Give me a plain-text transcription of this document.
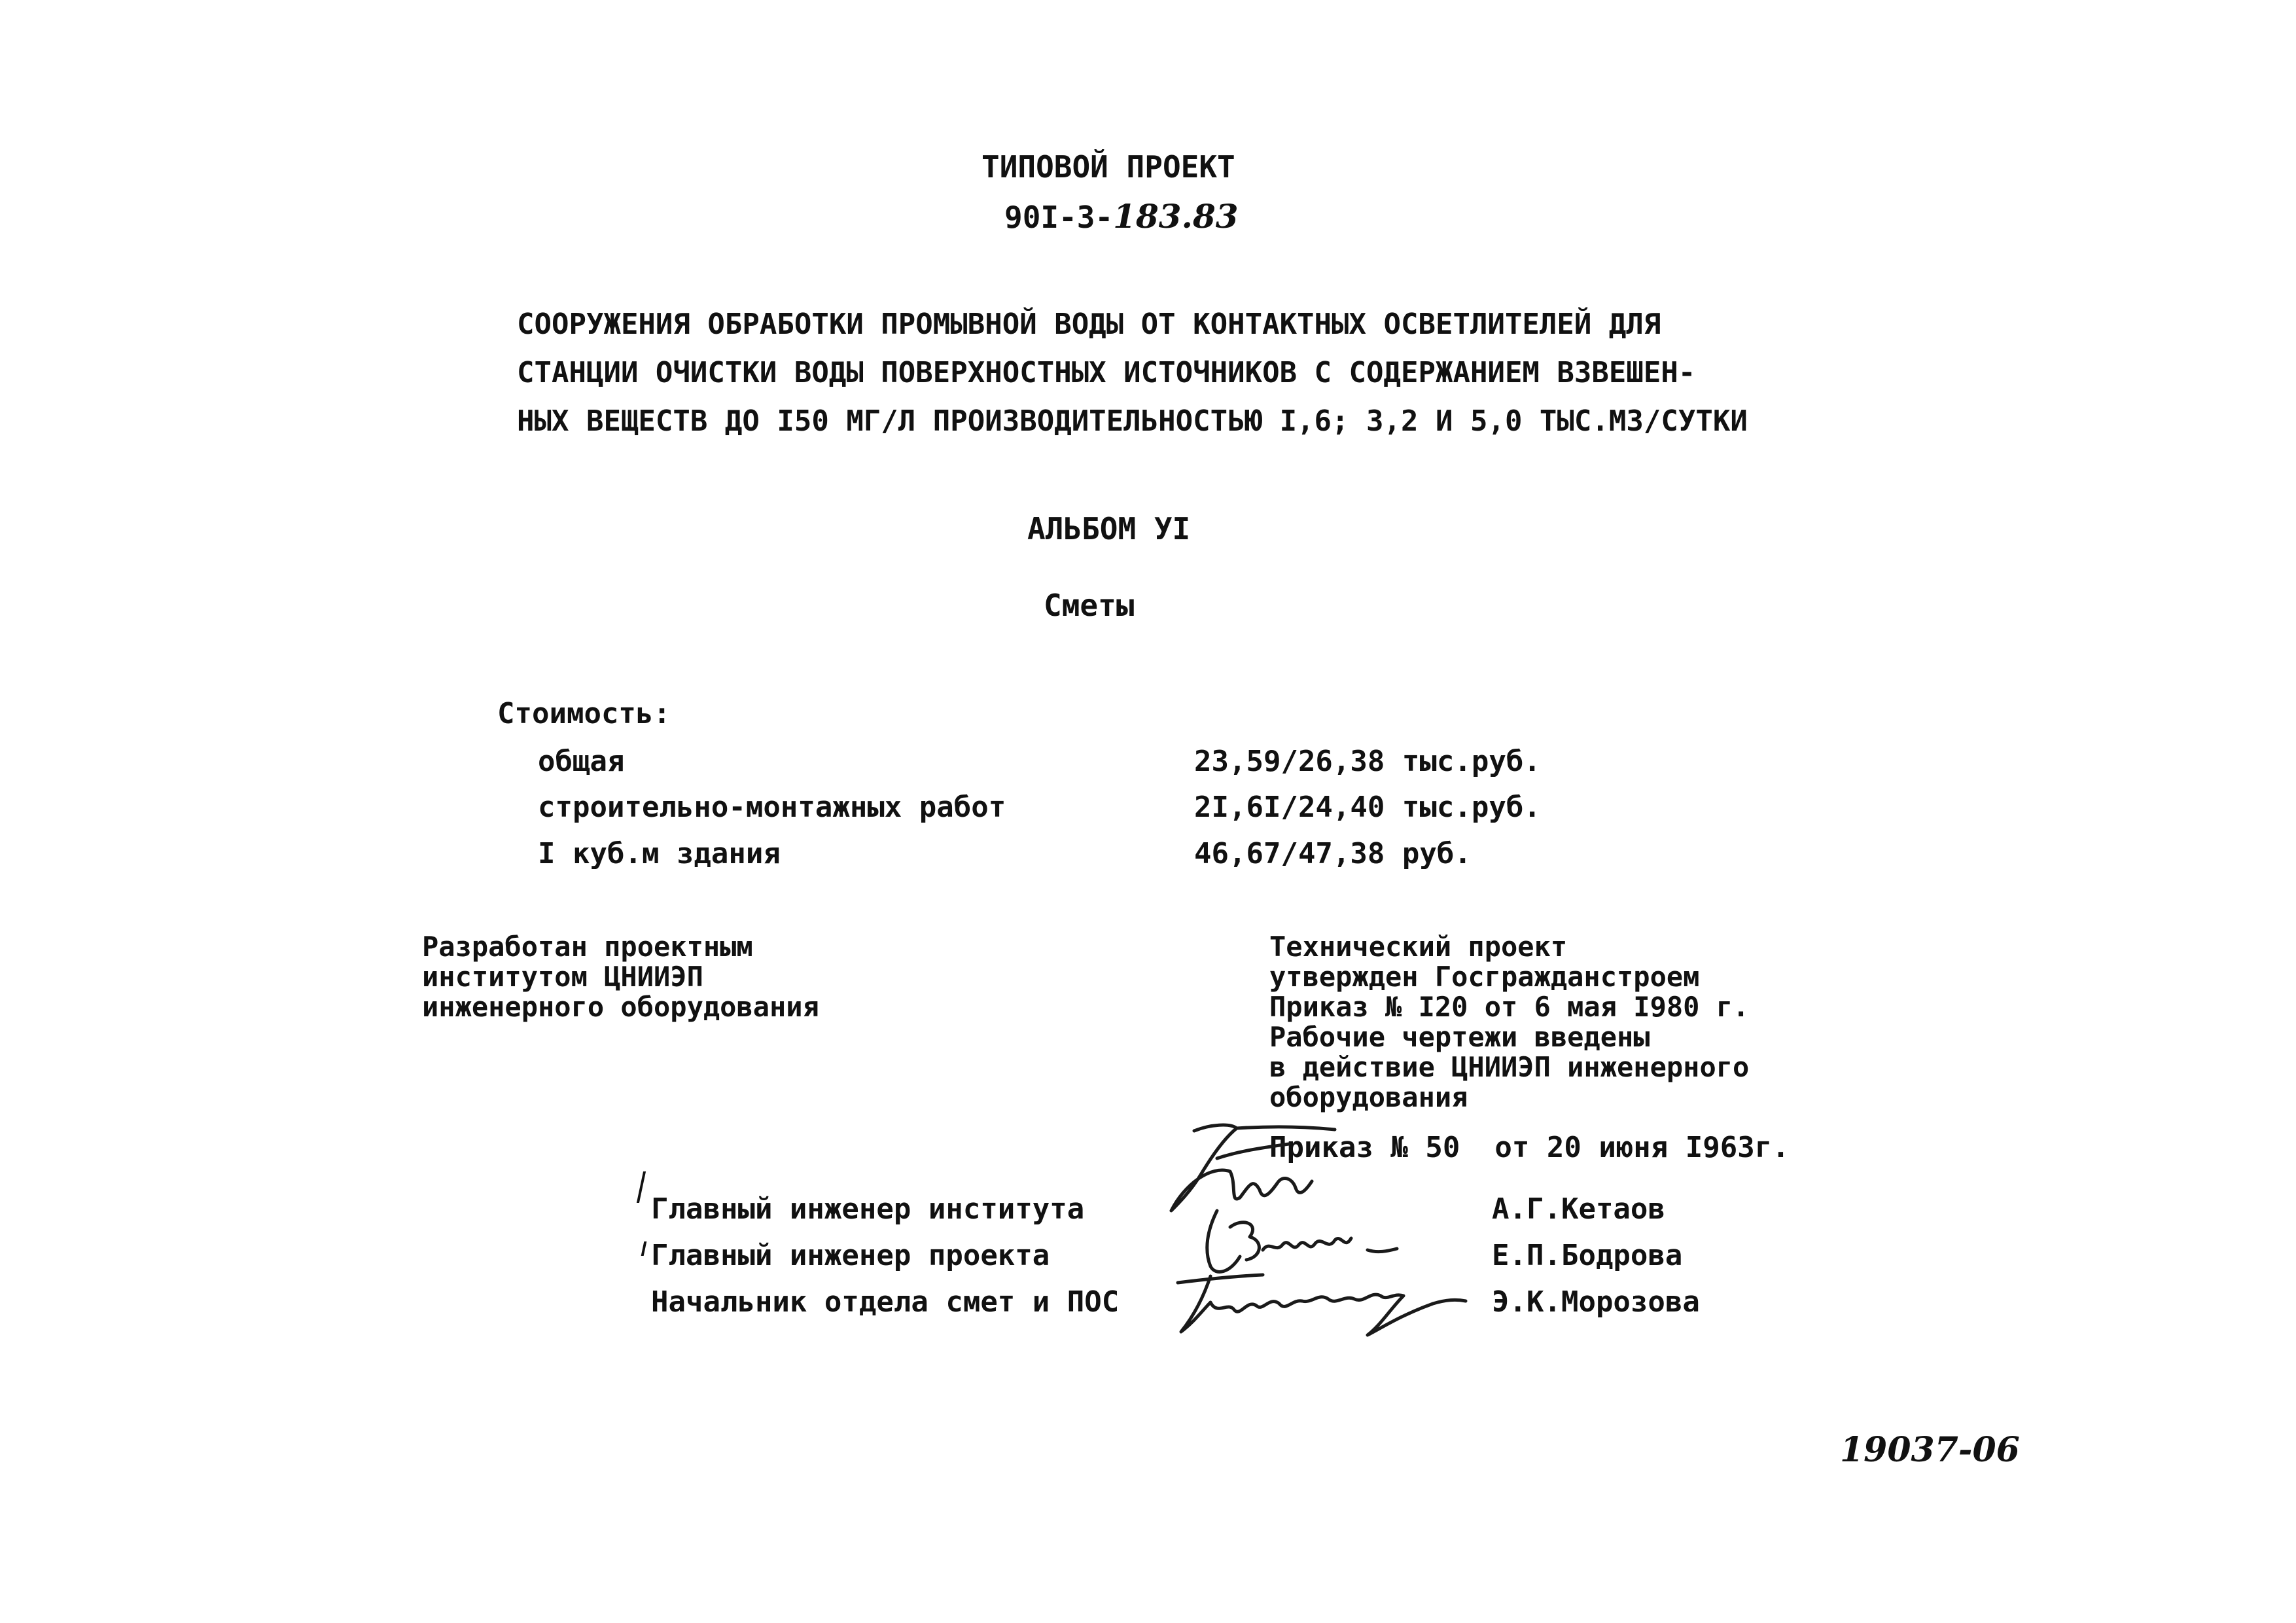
ТИПОВОЙ ПРОЕКТ
90I-3-183.83
СООРУЖЕНИЯ ОБРАБОТКИ ПРОМЫВНОЙ ВОДЫ ОТ КОНТАКТНЫХ ОСВЕТЛИТЕЛЕЙ ДЛЯ
СТАНЦИИ ОЧИСТКИ ВОДЫ ПОВЕРХНОСТНЫХ ИСТОЧНИКОВ С СОДЕРЖАНИЕМ ВЗВЕШЕН-
НЫХ ВЕЩЕСТВ ДО I50 МГ/Л ПРОИЗВОДИТЕЛЬНОСТЬЮ I,6; 3,2 И 5,0 ТЫС.М3/СУТКИ
АЛЬБОМ УI
Сметы
Стоимость:
общая	23,59/26,38 тыс.руб.
строительно-монтажных работ	2I,6I/24,40 тыс.руб.
I куб.м здания	46,67/47,38 руб.
Разработан проектным
институтом ЦНИИЭП
инженерного оборудования
Технический проект
утвержден Госгражданстроем
Приказ № I20 от 6 мая I980 г.
Рабочие чертежи введены
в действие ЦНИИЭП инженерного
оборудования
Приказ № 50  от 20 июня I963г.
Главный инженер института	А.Г.Кетаов
Главный инженер проекта	Е.П.Бодрова
Начальник отдела смет и ПОС	Э.К.Морозова
19037-06
